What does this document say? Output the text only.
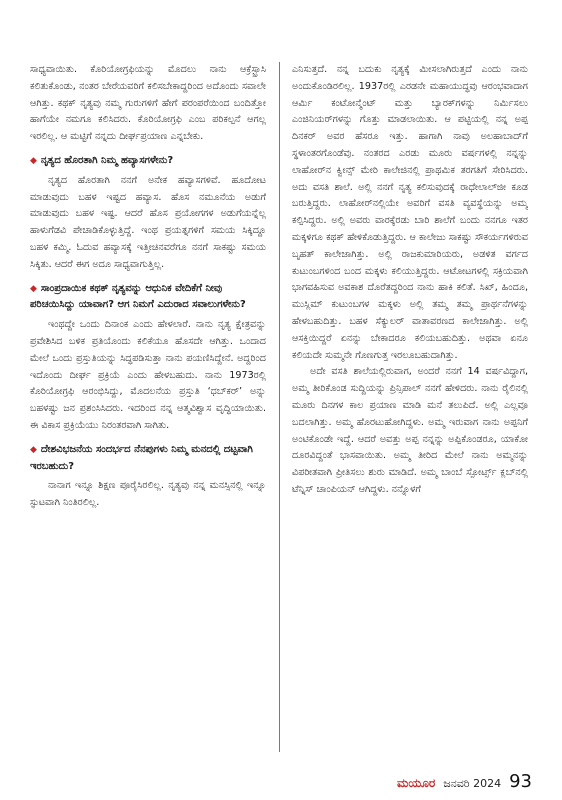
ಸಾಧ್ಯವಾಯಿತು. ಕೊರಿಯೋಗ್ರಫಿಯನ್ನು ಮೊದಲು ನಾನು ಆಕ್ರೆಸ್ಟ್ರಾಸಿ ಕಲಿತುಕೊಂಡು, ನಂತರ ಬೇರೆಯವರಿಗೆ ಕಲಿಸಬೇಕಾದ್ದರಿಂದ ಅದೊಂದು ಸವಾಲೇ ಆಗಿತ್ತು. ಕಥಕ್ ನೃತ್ಯವು ನಮ್ಮ ಗುರುಗಳಿಗೆ ಹೇಗೆ ಪರಂಪರೆಯಿಂದ ಬಂದಿತ್ತೋ ಹಾಗೆಯೇ ನಮಗೂ ಕಲಿಸಿದರು. ಕೊರಿಯೋಗ್ರಫಿ ಎಂಬ ಪರಿಕಲ್ಪನೆ ಆಗಲ್ಲ ಇರಲಿಲ್ಲ. ಆ ಮಟ್ಟಿಗೆ ನನ್ನದು ದೀರ್ಘಪ್ರಯಾಣ ಎನ್ನಬೇಕು.

◆ ನೃತ್ಯದ ಹೊರತಾಗಿ ನಿಮ್ಮ ಹವ್ಯಾಸಗಳೇನು?

ನೃತ್ಯದ ಹೊರತಾಗಿ ನನಗೆ ಅನೇಕ ಹವ್ಯಾಸಗಳಿವೆ. ಹೂದೋಟ ಮಾಡುವುದು ಬಹಳ ಇಷ್ಟದ ಹವ್ಯಾಸ. ಹೊಸ ನಮೂನೆಯ ಅಡುಗೆ ಮಾಡುವುದು ಬಹಳ ಇಷ್ಟ. ಆದರೆ ಹೊಸ ಪ್ರಯೋಗಗಳ ಅಡುಗೆಯನ್ನೆಲ್ಲ ಹಾಳುಗೆಡವಿ ಪೇಚಾಡಿಕೊಳ್ಳುತ್ತಿದ್ದೆ. ಇಂಥ ಪ್ರಯತ್ನಗಳಿಗೆ ಸಮಯ ಸಿಕ್ಕಿದ್ದೂ ಬಹಳ ಕಮ್ಮಿ. ಓದುವ ಹವ್ಯಾಸಕ್ಕೆ ಇತ್ತೀಚಿನವರೆಗೂ ನನಗೆ ಸಾಕಷ್ಟು ಸಮಯ ಸಿಕ್ಕಿತು. ಆದರೆ ಈಗ ಅದೂ ಸಾಧ್ಯವಾಗುತ್ತಿಲ್ಲ.

◆ ಸಾಂಪ್ರದಾಯಿಕ ಕಥಕ್ ನೃತ್ಯವನ್ನು ಆಧುನಿಕ ವೇದಿಕೆಗೆ ನೀವು ಪರಿಚಯಿಸಿದ್ದು ಯಾವಾಗ? ಆಗ ನಿಮಗೆ ಎದುರಾದ ಸವಾಲುಗಳೇನು?

ಇಂಥದ್ದೇ ಒಂದು ದಿನಾಂಕ ಎಂದು ಹೇಳಲಾರೆ. ನಾನು ನೃತ್ಯ ಕ್ಷೇತ್ರವನ್ನು ಪ್ರವೇಶಿಸಿದ ಬಳಿಕ ಪ್ರತಿಯೊಂದು ಕಲಿಕೆಯೂ ಹೊಸದೇ ಆಗಿತ್ತು. ಒಂದಾದ ಮೇಲೆ ಒಂದು ಪ್ರಸ್ತುತಿಯನ್ನು ಸಿದ್ಧಪಡಿಸುತ್ತಾ ನಾನು ಪಯಣಿಸಿದ್ದೇನೆ. ಅದ್ದರಿಂದ ಇದೊಂದು ದೀರ್ಘ ಪ್ರಕ್ರಿಯೆ ಎಂದು ಹೇಳಬಹುದು. ನಾನು 1973ರಲ್ಲಿ ಕೊರಿಯೋಗ್ರಫಿ ಆರಂಭಿಸಿದ್ದು, ಮೊದಲನೆಯ ಪ್ರಸ್ತುತಿ ‘ಧಬ್‌ಕರ್’ ಅನ್ನು ಬಹಳಷ್ಟು ಜನ ಪ್ರಶಂಸಿಸಿದರು. ಇದರಿಂದ ನನ್ನ ಆತ್ಮವಿಶ್ವಾಸ ವೃದ್ಧಿಯಾಯಿತು. ಈ ವಿಕಾಸ ಪ್ರಕ್ರಿಯೆಯು ನಿರಂತರವಾಗಿ ಸಾಗಿತು.

◆ ದೇಶವಿಭಜನೆಯ ಸಂದರ್ಭದ ನೆನಪುಗಳು ನಿಮ್ಮ ಮನದಲ್ಲಿ ದಟ್ಟವಾಗಿ ಇರಬಹುದು?

ನಾನಾಗ ಇನ್ನೂ ಶಿಕ್ಷಣ ಪೂರೈಸಿರಲಿಲ್ಲ. ನೃತ್ಯವು ನನ್ನ ಮನಸ್ಸಿನಲ್ಲಿ ಇನ್ನೂ ಸ್ಫುಟವಾಗಿ ನಿಂತಿರಲಿಲ್ಲ.

ಎನಿಸುತ್ತದೆ. ನನ್ನ ಬದುಕು ನೃತ್ಯಕ್ಕೆ ಮೀಸಲಾಗಿರುತ್ತದೆ ಎಂದು ನಾನು ಅಂದುಕೊಂಡಿರಲಿಲ್ಲ. 1937ರಲ್ಲಿ ಎರಡನೇ ಮಹಾಯುದ್ಧವು ಆರಂಭವಾದಾಗ ಆರ್ಮಿ ಕಂಟೋನ್ಮೆಂಟ್ ಮತ್ತು ಬ್ಯಾರಕ್‌ಗಳನ್ನು ನಿರ್ಮಿಸಲು ಎಂಜಿನಿಯರ್‌ಗಳನ್ನು ಗೊತ್ತು ಮಾಡಲಾಯಿತು. ಆ ಪಟ್ಟಿಯಲ್ಲಿ ನನ್ನ ಅಪ್ಪ ದಿನಕರ್ ಅವರ ಹೆಸರೂ ಇತ್ತು. ಹಾಗಾಗಿ ನಾವು ಅಲಹಾಬಾದ್‌ಗೆ ಸ್ಥಳಾಂತರಗೊಂಡೆವು. ನಂತರದ ಎರಡು ಮೂರು ವರ್ಷಗಳಲ್ಲಿ ನನ್ನನ್ನು ಲಾಹೋರ್‌ನ ಕ್ವೀನ್ಸ್ ಮೇರಿ ಕಾಲೇಜಿನಲ್ಲಿ ಪ್ರಾಥಮಿಕ ತರಗತಿಗೆ ಸೇರಿಸಿದರು. ಅದು ವಸತಿ ಶಾಲೆ. ಅಲ್ಲಿ ನನಗೆ ನೃತ್ಯ ಕಲಿಸುವುದಕ್ಕೆ ರಾಧೇಲಾಲ್‌ಜೀ ಕೂಡ ಬರುತ್ತಿದ್ದರು. ಲಾಹೋರ್‌ನಲ್ಲಿಯೇ ಅವರಿಗೆ ವಸತಿ ವ್ಯವಸ್ಥೆಯನ್ನು ಅಮ್ಮ ಕಲ್ಪಿಸಿದ್ದರು. ಅಲ್ಲಿ ಅವರು ವಾರಕ್ಕೆರಡು ಬಾರಿ ಶಾಲೆಗೆ ಬಂದು ನನಗೂ ಇತರ ಮಕ್ಕಳಿಗೂ ಕಥಕ್ ಹೇಳಿಕೊಡುತ್ತಿದ್ದರು. ಆ ಕಾಲೇಜು ಸಾಕಷ್ಟು ಸೌಕರ್ಯಗಳಿರುವ ಬೃಹತ್ ಕಾಲೇಜಾಗಿತ್ತು. ಅಲ್ಲಿ ರಾಜಕುಮಾರಿಯರು, ಅಡಳಿತ ವರ್ಗದ ಕುಟುಂಬಗಳಿಂದ ಬಂದ ಮಕ್ಕಳು ಕಲಿಯುತ್ತಿದ್ದರು. ಆಟೋಟಗಳಲ್ಲಿ ಸಕ್ರಿಯವಾಗಿ ಭಾಗವಹಿಸುವ ಅವಕಾಶ ದೊರೆತದ್ದರಿಂದ ನಾನು ಹಾಕಿ ಕಲಿತೆ. ಸಿಖ್, ಹಿಂದೂ, ಮುಸ್ಲಿಮ್ ಕುಟುಂಬಗಳ ಮಕ್ಕಳು ಅಲ್ಲಿ ತಮ್ಮ ತಮ್ಮ ಪ್ರಾರ್ಥನೆಗಳನ್ನು ಹೇಳಬಹುದಿತ್ತು. ಬಹಳ ಸೆಕ್ಯುಲರ್ ವಾತಾವರಣದ ಕಾಲೇಜಾಗಿತ್ತು. ಅಲ್ಲಿ ಆಸಕ್ತಿಯಿದ್ದರೆ ಏನನ್ನು ಬೇಕಾದರೂ ಕಲಿಯಬಹುದಿತ್ತು. ಅಥವಾ ಏನೂ ಕಲಿಯದೇ ಸುಮ್ಮನೇ ಗೊಣಗುತ್ತ ಇರಲೂಬಹುದಾಗಿತ್ತು.

ಅದೇ ವಸತಿ ಶಾಲೆಯಲ್ಲಿರುವಾಗ, ಅಂದರೆ ನನಗೆ 14 ವರ್ಷವಿದ್ದಾಗ, ಅಮ್ಮ ತೀರಿಕೊಂಡ ಸುದ್ದಿಯನ್ನು ಪ್ರಿನ್ಸಿಪಾಲ್ ನನಗೆ ಹೇಳಿದರು. ನಾನು ರೈಲಿನಲ್ಲಿ ಮೂರು ದಿನಗಳ ಕಾಲ ಪ್ರಯಾಣ ಮಾಡಿ ಮನೆ ತಲುಪಿದೆ. ಅಲ್ಲಿ ಎಲ್ಲವೂ ಬದಲಾಗಿತ್ತು. ಅಮ್ಮ ಹೊರಟುಹೋಗಿದ್ದಳು. ಅಮ್ಮ ಇರುವಾಗ ನಾನು ಅಪ್ಪನಿಗೆ ಅಂಟಿಕೊಂಡೇ ಇದ್ದೆ. ಆದರೆ ಅವತ್ತು ಅಪ್ಪ ನನ್ನನ್ನು ಅಪ್ಪಿಕೊಂಡರೂ, ಯಾಕೋ ದೂರವಿದ್ದಂತೆ ಭಾಸವಾಯಿತು. ಅಮ್ಮ ತೀರಿದ ಮೇಲೆ ನಾನು ಅಮ್ಮನನ್ನು ವಿಪರೀತವಾಗಿ ಪ್ರೀತಿಸಲು ಶುರು ಮಾಡಿದೆ. ಅಮ್ಮ ಬಾಂಬೆ ಸ್ಪೋರ್ಟ್ಸ್ ಕ್ಲಬ್‌ನಲ್ಲಿ ಟೆನ್ನಿಸ್ ಚಾಂಪಿಯನ್ ಆಗಿದ್ದಳು. ನನ್ನೊಳಗೆ

ಮಯೂರ ಜನವರಿ 2024 93
